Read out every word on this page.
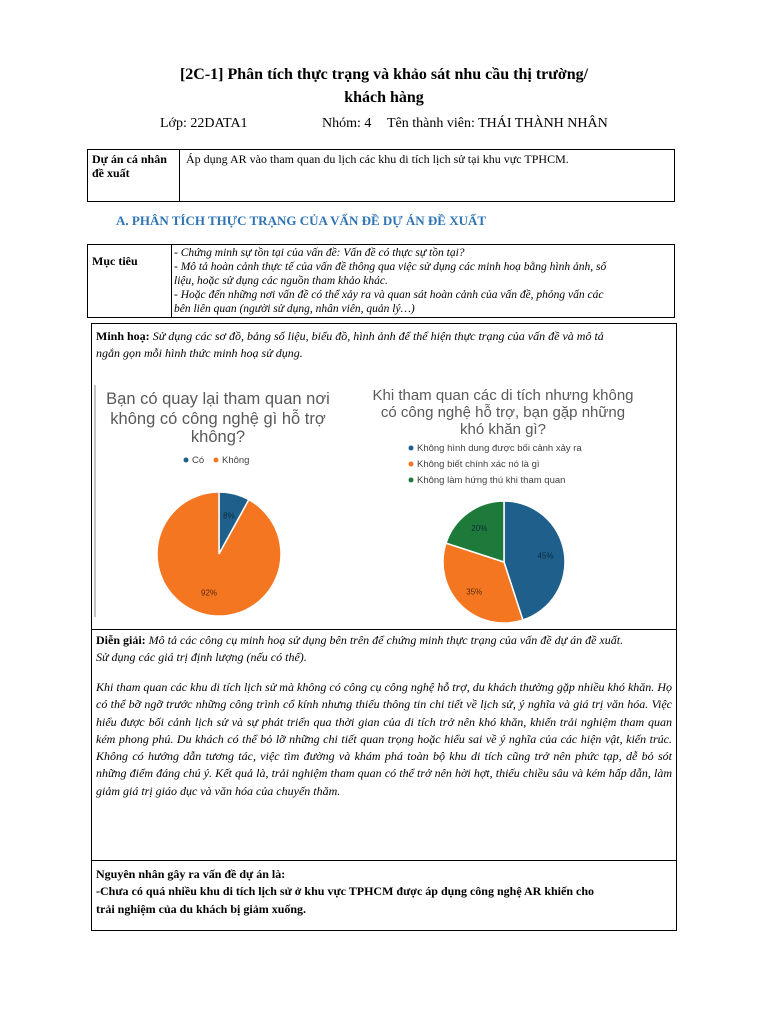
[2C-1] Phân tích thực trạng và khảo sát nhu cầu thị trường/
khách hàng
Lớp: 22DATA1	Nhóm: 4 Tên thành viên: THÁI THÀNH NHÂN
Dự án cá nhân đề xuất
Áp dụng AR vào tham quan du lịch các khu di tích lịch sử tại khu vực TPHCM.
A. PHÂN TÍCH THỰC TRẠNG CỦA VẤN ĐỀ DỰ ÁN ĐỀ XUẤT
Mục tiêu
- Chứng minh sự tồn tại của vấn đề: Vấn đề có thực sự tồn tại?
- Mô tả hoàn cảnh thực tế của vấn đề thông qua việc sử dụng các minh hoạ bằng hình ảnh, số
liệu, hoặc sử dụng các nguồn tham khảo khác.
- Hoặc đến những nơi vấn đề có thể xảy ra và quan sát hoàn cảnh của vấn đề, phỏng vấn các
bên liên quan (người sử dụng, nhân viên, quản lý…)
Minh hoạ: Sử dụng các sơ đồ, bảng số liệu, biểu đồ, hình ảnh để thể hiện thực trạng của vấn đề và mô tả
ngắn gọn mỗi hình thức minh hoạ sử dụng.
Bạn có quay lại tham quan nơi
không có công nghệ gì hỗ trợ
không?
Có Không
8%
92%
Khi tham quan các di tích nhưng không
có công nghệ hỗ trợ, bạn gặp những
khó khăn gì?
Không hình dung được bối cảnh xảy ra
Không biết chính xác nó là gì
Không làm hứng thú khi tham quan
45%
35%
20%
Diễn giải: Mô tả các công cụ minh hoạ sử dụng bên trên để chứng minh thực trạng của vấn đề dự án đề xuất.
Sử dụng các giá trị định lượng (nếu có thể).
Khi tham quan các khu di tích lịch sử mà không có công cụ công nghệ hỗ trợ, du khách thường gặp nhiều khó khăn. Họ có thể bỡ ngỡ trước những công trình cổ kính nhưng thiếu thông tin chi tiết về lịch sử, ý nghĩa và giá trị văn hóa. Việc hiểu được bối cảnh lịch sử và sự phát triển qua thời gian của di tích trở nên khó khăn, khiến trải nghiệm tham quan kém phong phú. Du khách có thể bỏ lỡ những chi tiết quan trọng hoặc hiểu sai về ý nghĩa của các hiện vật, kiến trúc. Không có hướng dẫn tương tác, việc tìm đường và khám phá toàn bộ khu di tích cũng trở nên phức tạp, dễ bỏ sót những điểm đáng chú ý. Kết quả là, trải nghiệm tham quan có thể trở nên hời hợt, thiếu chiều sâu và kém hấp dẫn, làm giảm giá trị giáo dục và văn hóa của chuyến thăm.
Nguyên nhân gây ra vấn đề dự án là:
-Chưa có quá nhiều khu di tích lịch sử ở khu vực TPHCM được áp dụng công nghệ AR khiến cho
trải nghiệm của du khách bị giảm xuống.
